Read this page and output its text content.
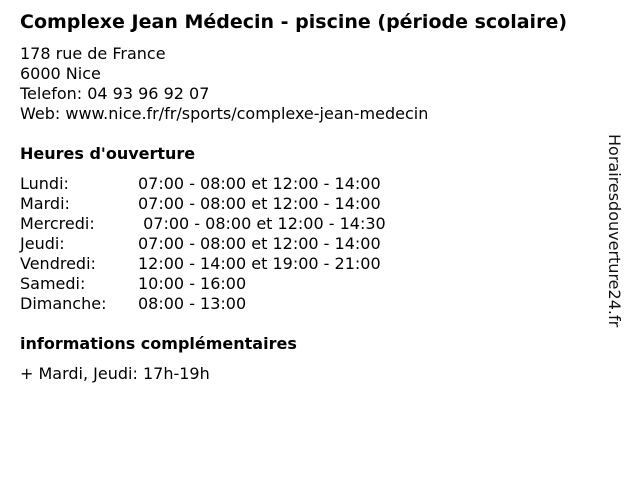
Complexe Jean Médecin - piscine (période scolaire)
178 rue de France
6000 Nice
Telefon: 04 93 96 92 07
Web: www.nice.fr/fr/sports/complexe-jean-medecin
Heures d'ouverture
Lundi:	07:00 - 08:00 et 12:00 - 14:00
Mardi:	07:00 - 08:00 et 12:00 - 14:00
Mercredi:	07:00 - 08:00 et 12:00 - 14:30
Jeudi:	07:00 - 08:00 et 12:00 - 14:00
Vendredi:	12:00 - 14:00 et 19:00 - 21:00
Samedi:	10:00 - 16:00
Dimanche:	08:00 - 13:00
informations complémentaires
+ Mardi, Jeudi: 17h-19h
Horairesdouverture24.fr
